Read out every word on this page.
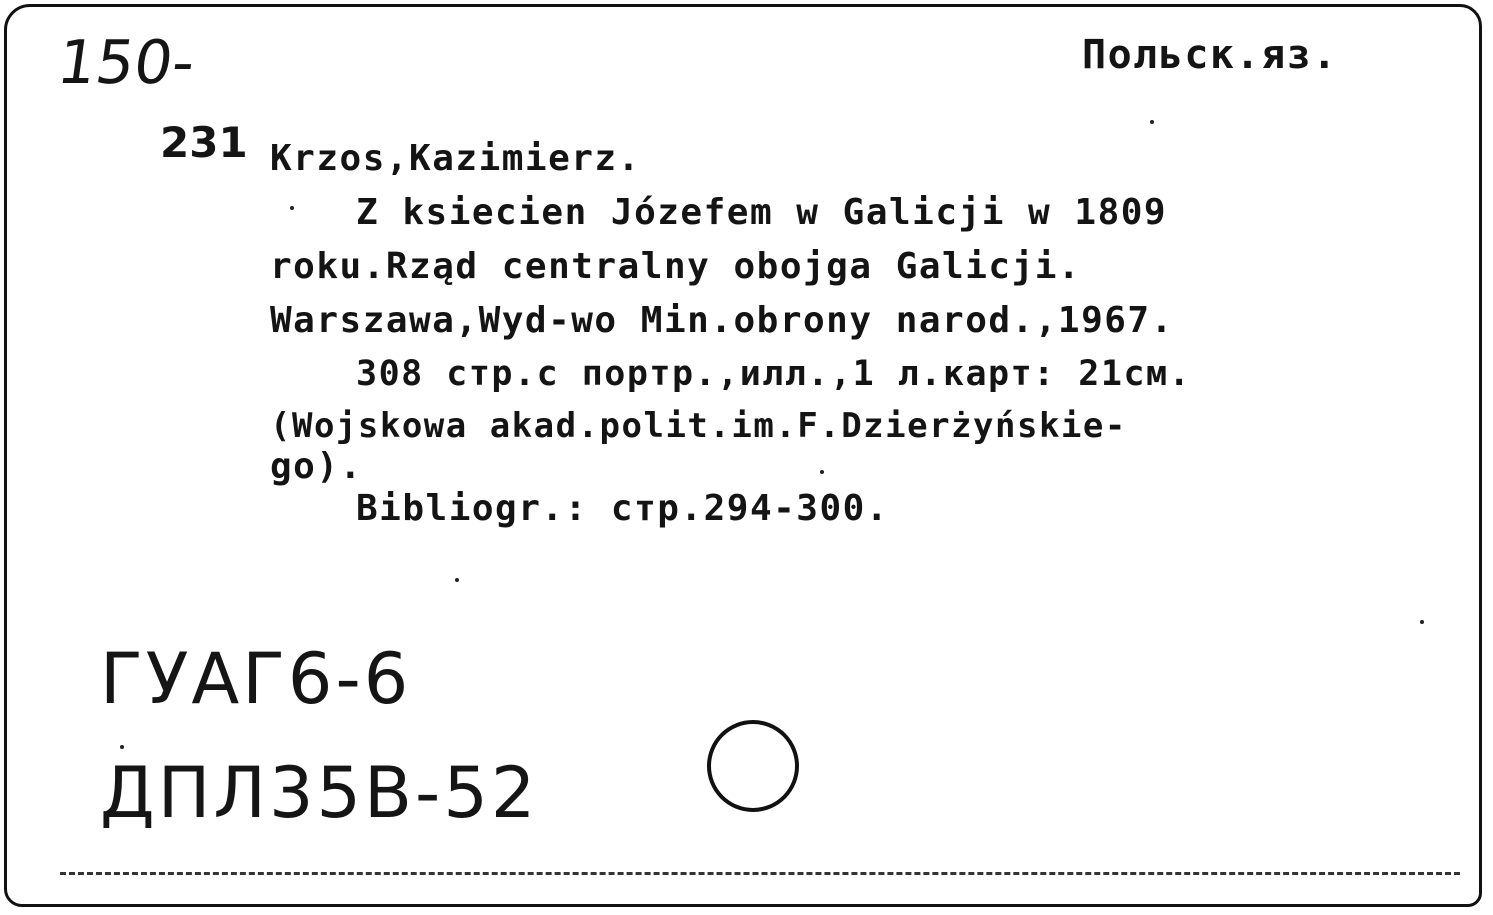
150-
231
Польск.яз.
Krzos,Kazimierz.
Z ksiecien Józefem w Galicji w 1809
roku.Rząd centralny obojga Galicji.
Warszawa,Wyd-wo Min.obrony narod.,1967.
308 стр.с портр.,илл.,1 л.карт: 21см.
(Wojskowa akad.polit.im.F.Dzierżyńskie-
go).
Bibliogr.: стр.294-300.
ГУАГ6-6
ДПЛ35В-52
